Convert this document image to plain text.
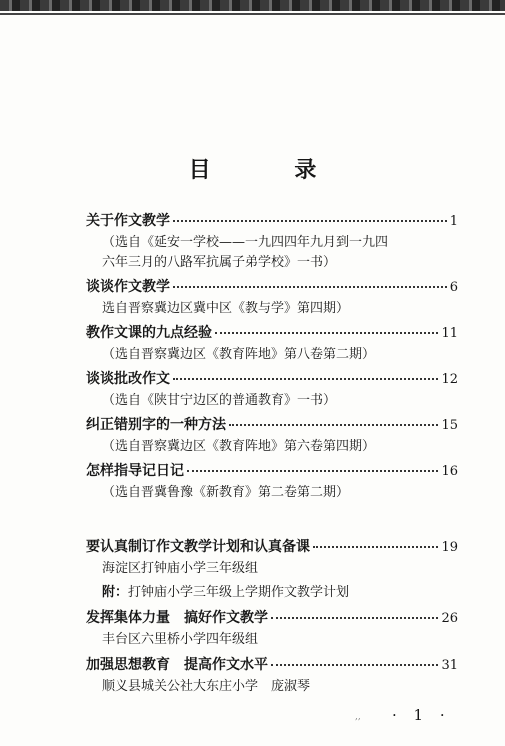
目 录
关于作文教学	1
（选自《延安一学校——一九四四年九月到一九四
六年三月的八路军抗属子弟学校》一书）
谈谈作文教学	6
选自晋察冀边区冀中区《教与学》第四期）
教作文课的九点经验	11
（选自晋察冀边区《教育阵地》第八卷第二期）
谈谈批改作文	12
（选自《陕甘宁边区的普通教育》一书）
纠正错别字的一种方法	15
（选自晋察冀边区《教育阵地》第六卷第四期）
怎样指导记日记	16
（选自晋冀鲁豫《新教育》第二卷第二期）
要认真制订作文教学计划和认真备课	19
海淀区打钟庙小学三年级组
附：打钟庙小学三年级上学期作文教学计划
发挥集体力量　搞好作文教学	26
丰台区六里桥小学四年级组
加强思想教育　提高作文水平	31
顺义县城关公社大东庄小学　庞淑琴
,, · 1 ·
